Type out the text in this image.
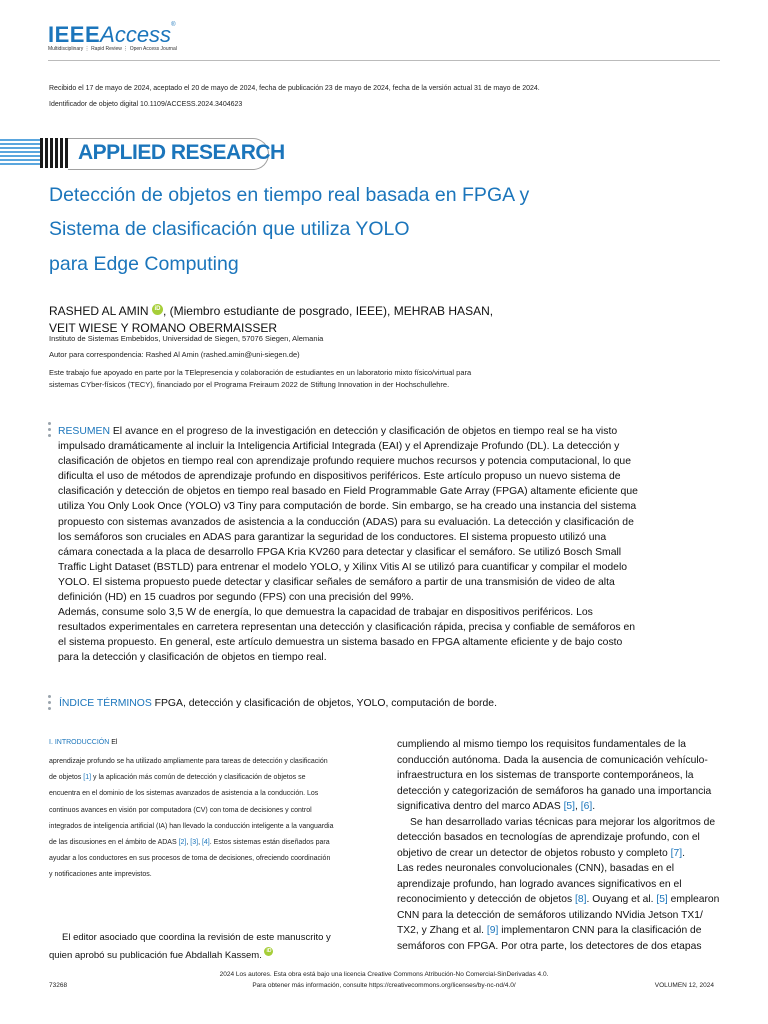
IEEEAccess®
Multidisciplinary ⋮ Rapid Review ⋮ Open Access Journal
Recibido el 17 de mayo de 2024, aceptado el 20 de mayo de 2024, fecha de publicación 23 de mayo de 2024, fecha de la versión actual 31 de mayo de 2024.
Identificador de objeto digital 10.1109/ACCESS.2024.3404623
APPLIED RESEARCH
Detección de objetos en tiempo real basada en FPGA y
Sistema de clasificación que utiliza YOLO
para Edge Computing
RASHED AL AMIN iD , (Miembro estudiante de posgrado, IEEE), MEHRAB HASAN,
VEIT WIESE Y ROMANO OBERMAISSER
Instituto de Sistemas Embebidos, Universidad de Siegen, 57076 Siegen, Alemania
Autor para correspondencia: Rashed Al Amin (rashed.amin@uni-siegen.de)
Este trabajo fue apoyado en parte por la TElepresencia y colaboración de estudiantes en un laboratorio mixto físico/virtual para
sistemas CYber-físicos (TECY), financiado por el Programa Freiraum 2022 de Stiftung Innovation in der Hochschullehre.

RESUMEN El avance en el progreso de la investigación en detección y clasificación de objetos en tiempo real se ha visto impulsado dramáticamente al incluir la Inteligencia Artificial Integrada (EAI) y el Aprendizaje Profundo (DL). La detección y clasificación de objetos en tiempo real con aprendizaje profundo requiere muchos recursos y potencia computacional, lo que dificulta el uso de métodos de aprendizaje profundo en dispositivos periféricos. Este artículo propuso un nuevo sistema de clasificación y detección de objetos en tiempo real basado en Field Programmable Gate Array (FPGA) altamente eficiente que utiliza You Only Look Once (YOLO) v3 Tiny para computación de borde. Sin embargo, se ha creado una instancia del sistema propuesto con sistemas avanzados de asistencia a la conducción (ADAS) para su evaluación. La detección y clasificación de los semáforos son cruciales en ADAS para garantizar la seguridad de los conductores. El sistema propuesto utilizó una cámara conectada a la placa de desarrollo FPGA Kria KV260 para detectar y clasificar el semáforo. Se utilizó Bosch Small Traffic Light Dataset (BSTLD) para entrenar el modelo YOLO, y Xilinx Vitis AI se utilizó para cuantificar y compilar el modelo YOLO. El sistema propuesto puede detectar y clasificar señales de semáforo a partir de una transmisión de video de alta definición (HD) en 15 cuadros por segundo (FPS) con una precisión del 99%.

Además, consume solo 3,5 W de energía, lo que demuestra la capacidad de trabajar en dispositivos periféricos. Los resultados experimentales en carretera representan una detección y clasificación rápida, precisa y confiable de semáforos en el sistema propuesto. En general, este artículo demuestra un sistema basado en FPGA altamente eficiente y de bajo costo para la detección y clasificación de objetos en tiempo real.

ÍNDICE TÉRMINOS FPGA, detección y clasificación de objetos, YOLO, computación de borde.
I. INTRODUCCIÓN El

aprendizaje profundo se ha utilizado ampliamente para tareas de detección y clasificación

de objetos [1] y la aplicación más común de detección y clasificación de objetos se

encuentra en el dominio de los sistemas avanzados de asistencia a la conducción. Los

continuos avances en visión por computadora (CV) con toma de decisiones y control

integrados de inteligencia artificial (IA) han llevado la conducción inteligente a la vanguardia

de las discusiones en el ámbito de ADAS [2], [3], [4]. Estos sistemas están diseñados para

ayudar a los conductores en sus procesos de toma de decisiones, ofreciendo coordinación

y notificaciones ante imprevistos.

El editor asociado que coordina la revisión de este manuscrito y

quien aprobó su publicación fue Abdallah Kassem. iD

cumpliendo al mismo tiempo los requisitos fundamentales de la conducción autónoma. Dada la ausencia de comunicación vehículo-infraestructura en los sistemas de transporte contemporáneos, la detección y categorización de semáforos ha ganado una importancia significativa dentro del marco ADAS [5], [6].

Se han desarrollado varias técnicas para mejorar los algoritmos de detección basados en tecnologías de aprendizaje profundo, con el objetivo de crear un detector de objetos robusto y completo [7].

Las redes neuronales convolucionales (CNN), basadas en el aprendizaje profundo, han logrado avances significativos en el reconocimiento y detección de objetos [8]. Ouyang et al. [5] emplearon CNN para la detección de semáforos utilizando NVidia Jetson TX1/ TX2, y Zhang et al. [9] implementaron CNN para la clasificación de semáforos con FPGA. Por otra parte, los detectores de dos etapas

2024 Los autores. Esta obra está bajo una licencia Creative Commons Atribución-No Comercial-SinDerivadas 4.0.
73268	Para obtener más información, consulte https://creativecommons.org/licenses/by-nc-nd/4.0/	VOLUMEN 12, 2024
